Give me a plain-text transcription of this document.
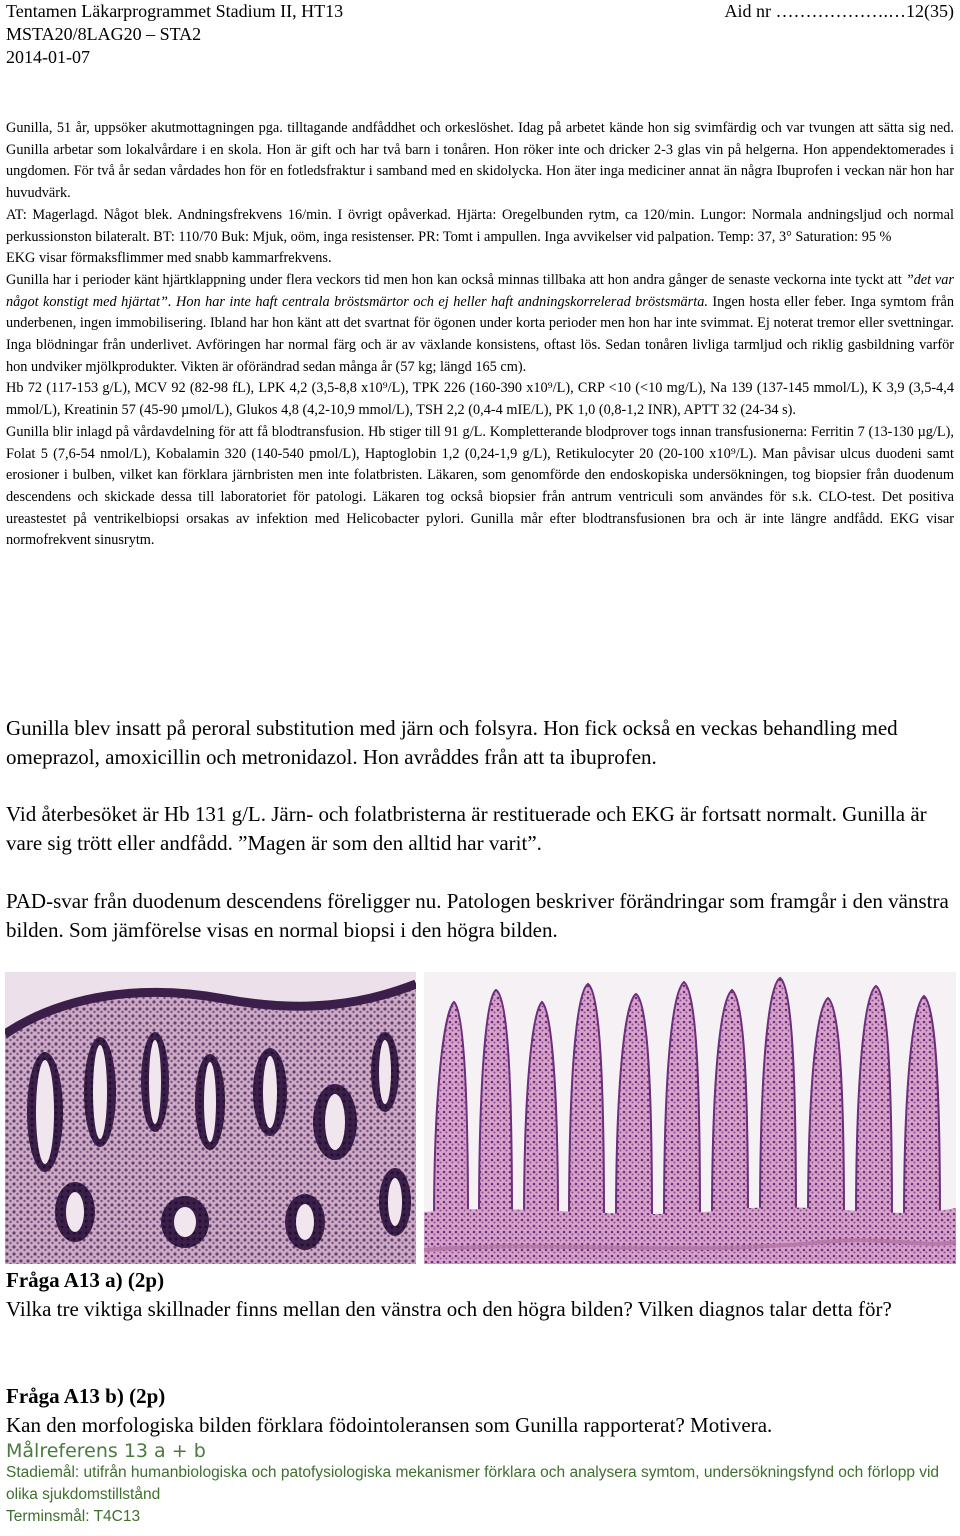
Tentamen Läkarprogrammet Stadium II, HT13	Aid nr ……………….…12(35)
MSTA20/8LAG20 – STA2
2014-01-07

Gunilla, 51 år, uppsöker akutmottagningen pga. tilltagande andfåddhet och orkeslöshet. Idag på arbetet kände hon sig svimfärdig och var tvungen att sätta sig ned. Gunilla arbetar som lokalvårdare i en skola. Hon är gift och har två barn i tonåren. Hon röker inte och dricker 2-3 glas vin på helgerna. Hon appendektomerades i ungdomen. För två år sedan vårdades hon för en fotledsfraktur i samband med en skidolycka. Hon äter inga mediciner annat än några Ibuprofen i veckan när hon har huvudvärk.

AT: Magerlagd. Något blek. Andningsfrekvens 16/min. I övrigt opåverkad. Hjärta: Oregelbunden rytm, ca 120/min. Lungor: Normala andningsljud och normal perkussionston bilateralt. BT: 110/70 Buk: Mjuk, oöm, inga resistenser. PR: Tomt i ampullen. Inga avvikelser vid palpation. Temp: 37, 3° Saturation: 95 %

EKG visar förmaksflimmer med snabb kammarfrekvens.

Gunilla har i perioder känt hjärtklappning under flera veckors tid men hon kan också minnas tillbaka att hon andra gånger de senaste veckorna inte tyckt att ”det var något konstigt med hjärtat”. Hon har inte haft centrala bröstsmärtor och ej heller haft andningskorrelerad bröstsmärta. Ingen hosta eller feber. Inga symtom från underbenen, ingen immobilisering. Ibland har hon känt att det svartnat för ögonen under korta perioder men hon har inte svimmat. Ej noterat tremor eller svettningar. Inga blödningar från underlivet. Avföringen har normal färg och är av växlande konsistens, oftast lös. Sedan tonåren livliga tarmljud och riklig gasbildning varför hon undviker mjölkprodukter. Vikten är oförändrad sedan många år (57 kg; längd 165 cm).

Hb 72 (117-153 g/L), MCV 92 (82-98 fL), LPK 4,2 (3,5-8,8 x10⁹/L), TPK 226 (160-390 x10⁹/L), CRP <10 (<10 mg/L), Na 139 (137-145 mmol/L), K 3,9 (3,5-4,4 mmol/L), Kreatinin 57 (45-90 µmol/L), Glukos 4,8 (4,2-10,9 mmol/L), TSH 2,2 (0,4-4 mIE/L), PK 1,0 (0,8-1,2 INR), APTT 32 (24-34 s).

Gunilla blir inlagd på vårdavdelning för att få blodtransfusion. Hb stiger till 91 g/L. Kompletterande blodprover togs innan transfusionerna: Ferritin 7 (13-130 µg/L), Folat 5 (7,6-54 nmol/L), Kobalamin 320 (140-540 pmol/L), Haptoglobin 1,2 (0,24-1,9 g/L), Retikulocyter 20 (20-100 x10⁹/L). Man påvisar ulcus duodeni samt erosioner i bulben, vilket kan förklara järnbristen men inte folatbristen. Läkaren, som genomförde den endoskopiska undersökningen, tog biopsier från duodenum descendens och skickade dessa till laboratoriet för patologi. Läkaren tog också biopsier från antrum ventriculi som användes för s.k. CLO-test. Det positiva ureastestet på ventrikelbiopsi orsakas av infektion med Helicobacter pylori. Gunilla mår efter blodtransfusionen bra och är inte längre andfådd. EKG visar normofrekvent sinusrytm.

Gunilla blev insatt på peroral substitution med järn och folsyra. Hon fick också en veckas behandling med omeprazol, amoxicillin och metronidazol. Hon avråddes från att ta ibuprofen.

Vid återbesöket är Hb 131 g/L. Järn- och folatbristerna är restituerade och EKG är fortsatt normalt. Gunilla är vare sig trött eller andfådd. ”Magen är som den alltid har varit”.

PAD-svar från duodenum descendens föreligger nu. Patologen beskriver förändringar som framgår i den vänstra bilden. Som jämförelse visas en normal biopsi i den högra bilden.

Fråga A13 a) (2p)

Vilka tre viktiga skillnader finns mellan den vänstra och den högra bilden? Vilken diagnos talar detta för?

Fråga A13 b) (2p)

Kan den morfologiska bilden förklara födointoleransen som Gunilla rapporterat? Motivera.

Målreferens 13 a + b
Stadiemål: utifrån humanbiologiska och patofysiologiska mekanismer förklara och analysera symtom, undersökningsfynd och förlopp vid olika sjukdomstillstånd
Terminsmål: T4C13
